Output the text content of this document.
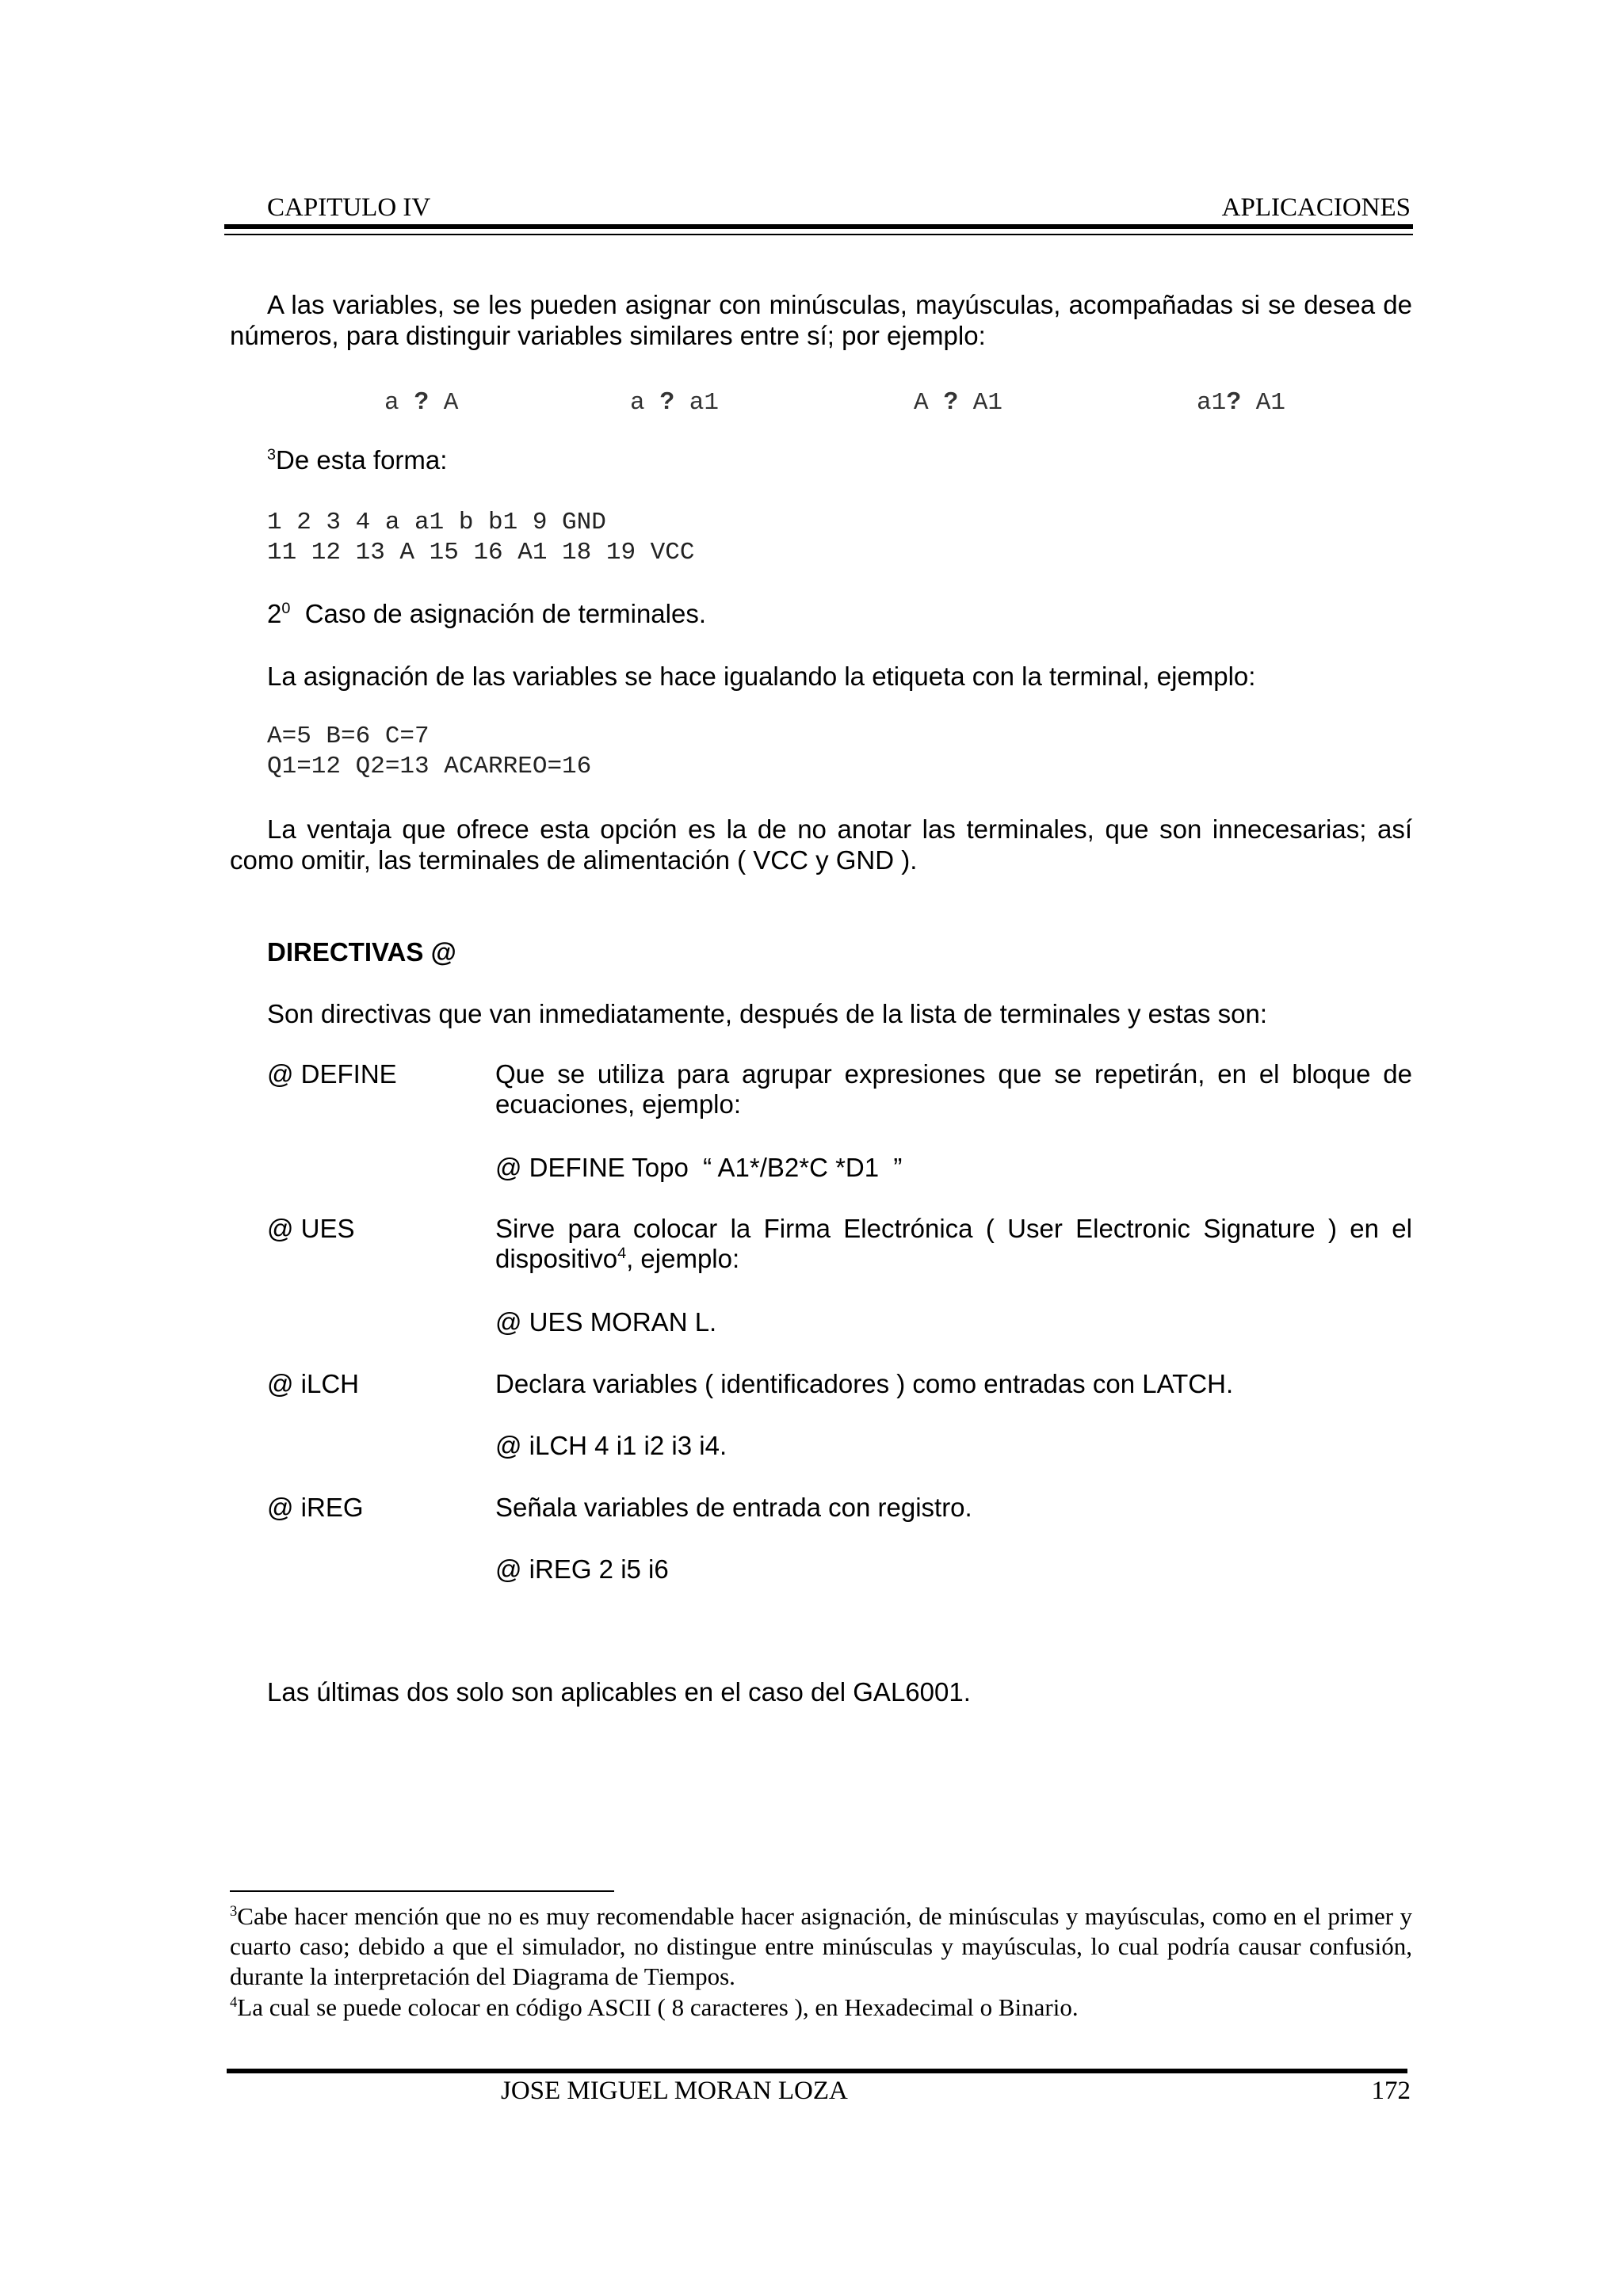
CAPITULO IV	APLICACIONES
A las variables, se les pueden asignar con minúsculas, mayúsculas, acompañadas si se desea de números, para distinguir variables similares entre sí; por ejemplo:
a ? A	a ? a1	A ? A1	a1? A1
$^3$De esta forma:
1 2 3 4 a a1 b b1 9 GND
11 12 13 A 15 16 A1 18 19 VCC
$2^0$ Caso de asignación de terminales.
La asignación de las variables se hace igualando la etiqueta con la terminal, ejemplo:
A=5 B=6 C=7
Q1=12 Q2=13 ACARREO=16
La ventaja que ofrece esta opción es la de no anotar las terminales, que son innecesarias; así como omitir, las terminales de alimentación ( VCC y GND ).
DIRECTIVAS @
Son directivas que van inmediatamente, después de la lista de terminales y estas son:
@ DEFINE	Que se utiliza para agrupar expresiones que se repetirán, en el bloque de ecuaciones, ejemplo:
@ DEFINE Topo  “ A1*/B2*C *D1  ”
@ UES	Sirve para colocar la Firma Electrónica ( User Electronic Signature ) en el dispositivo$^4$, ejemplo:
@ UES MORAN L.
@ iLCH	Declara variables ( identificadores ) como entradas con LATCH.
@ iLCH 4 i1 i2 i3 i4.
@ iREG	Señala variables de entrada con registro.
@ iREG 2 i5 i6
Las últimas dos solo son aplicables en el caso del GAL6001.
$^3$Cabe hacer mención que no es muy recomendable hacer asignación, de minúsculas y mayúsculas, como en el primer y cuarto caso; debido a que el simulador, no distingue entre minúsculas y mayúsculas, lo cual podría causar confusión, durante la interpretación del Diagrama de Tiempos.
$^4$La cual se puede colocar en código ASCII ( 8 caracteres ), en Hexadecimal o Binario.
JOSE MIGUEL MORAN LOZA	172
